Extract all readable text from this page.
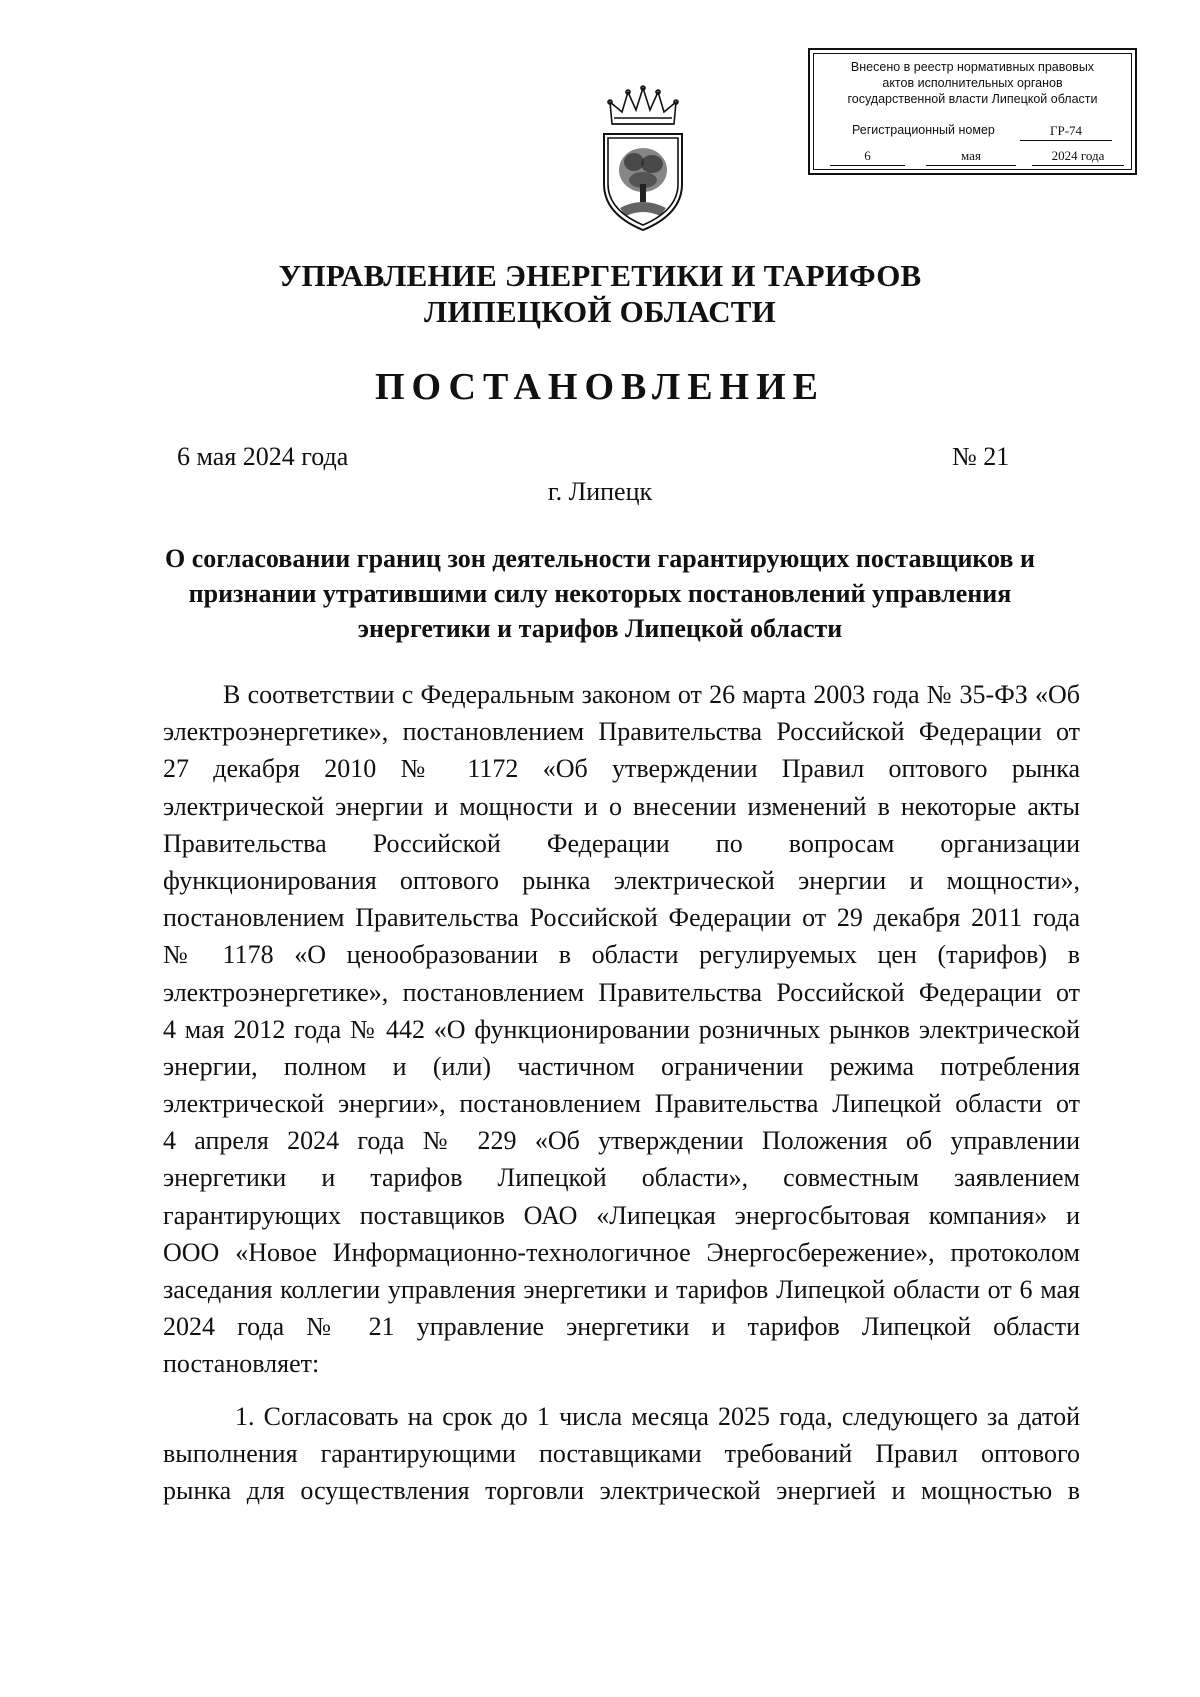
Внесено в реестр нормативных правовых
актов исполнительных органов
государственной власти Липецкой области
Регистрационный номер	ГР-74
6	мая	2024 года
УПРАВЛЕНИЕ ЭНЕРГЕТИКИ И ТАРИФОВ
ЛИПЕЦКОЙ ОБЛАСТИ
ПОСТАНОВЛЕНИЕ
6 мая 2024 года	№ 21
г. Липецк
О согласовании границ зон деятельности гарантирующих поставщиков и
признании утратившими силу некоторых постановлений управления
энергетики и тарифов Липецкой области
В соответствии с Федеральным законом от 26 марта 2003 года № 35-ФЗ «Об
электроэнергетике», постановлением Правительства Российской Федерации от
27 декабря 2010 № 1172 «Об утверждении Правил оптового рынка
электрической энергии и мощности и о внесении изменений в некоторые акты
Правительства Российской Федерации по вопросам организации
функционирования оптового рынка электрической энергии и мощности»,
постановлением Правительства Российской Федерации от 29 декабря 2011 года
№ 1178 «О ценообразовании в области регулируемых цен (тарифов) в
электроэнергетике», постановлением Правительства Российской Федерации от
4 мая 2012 года № 442 «О функционировании розничных рынков электрической
энергии, полном и (или) частичном ограничении режима потребления
электрической энергии», постановлением Правительства Липецкой области от
4 апреля 2024 года № 229 «Об утверждении Положения об управлении
энергетики и тарифов Липецкой области», совместным заявлением
гарантирующих поставщиков ОАО «Липецкая энергосбытовая компания» и
ООО «Новое Информационно-технологичное Энергосбережение», протоколом
заседания коллегии управления энергетики и тарифов Липецкой области от 6 мая
2024 года № 21 управление энергетики и тарифов Липецкой области
постановляет:
1. Согласовать на срок до 1 числа месяца 2025 года, следующего за датой
выполнения гарантирующими поставщиками требований Правил оптового
рынка для осуществления торговли электрической энергией и мощностью в
